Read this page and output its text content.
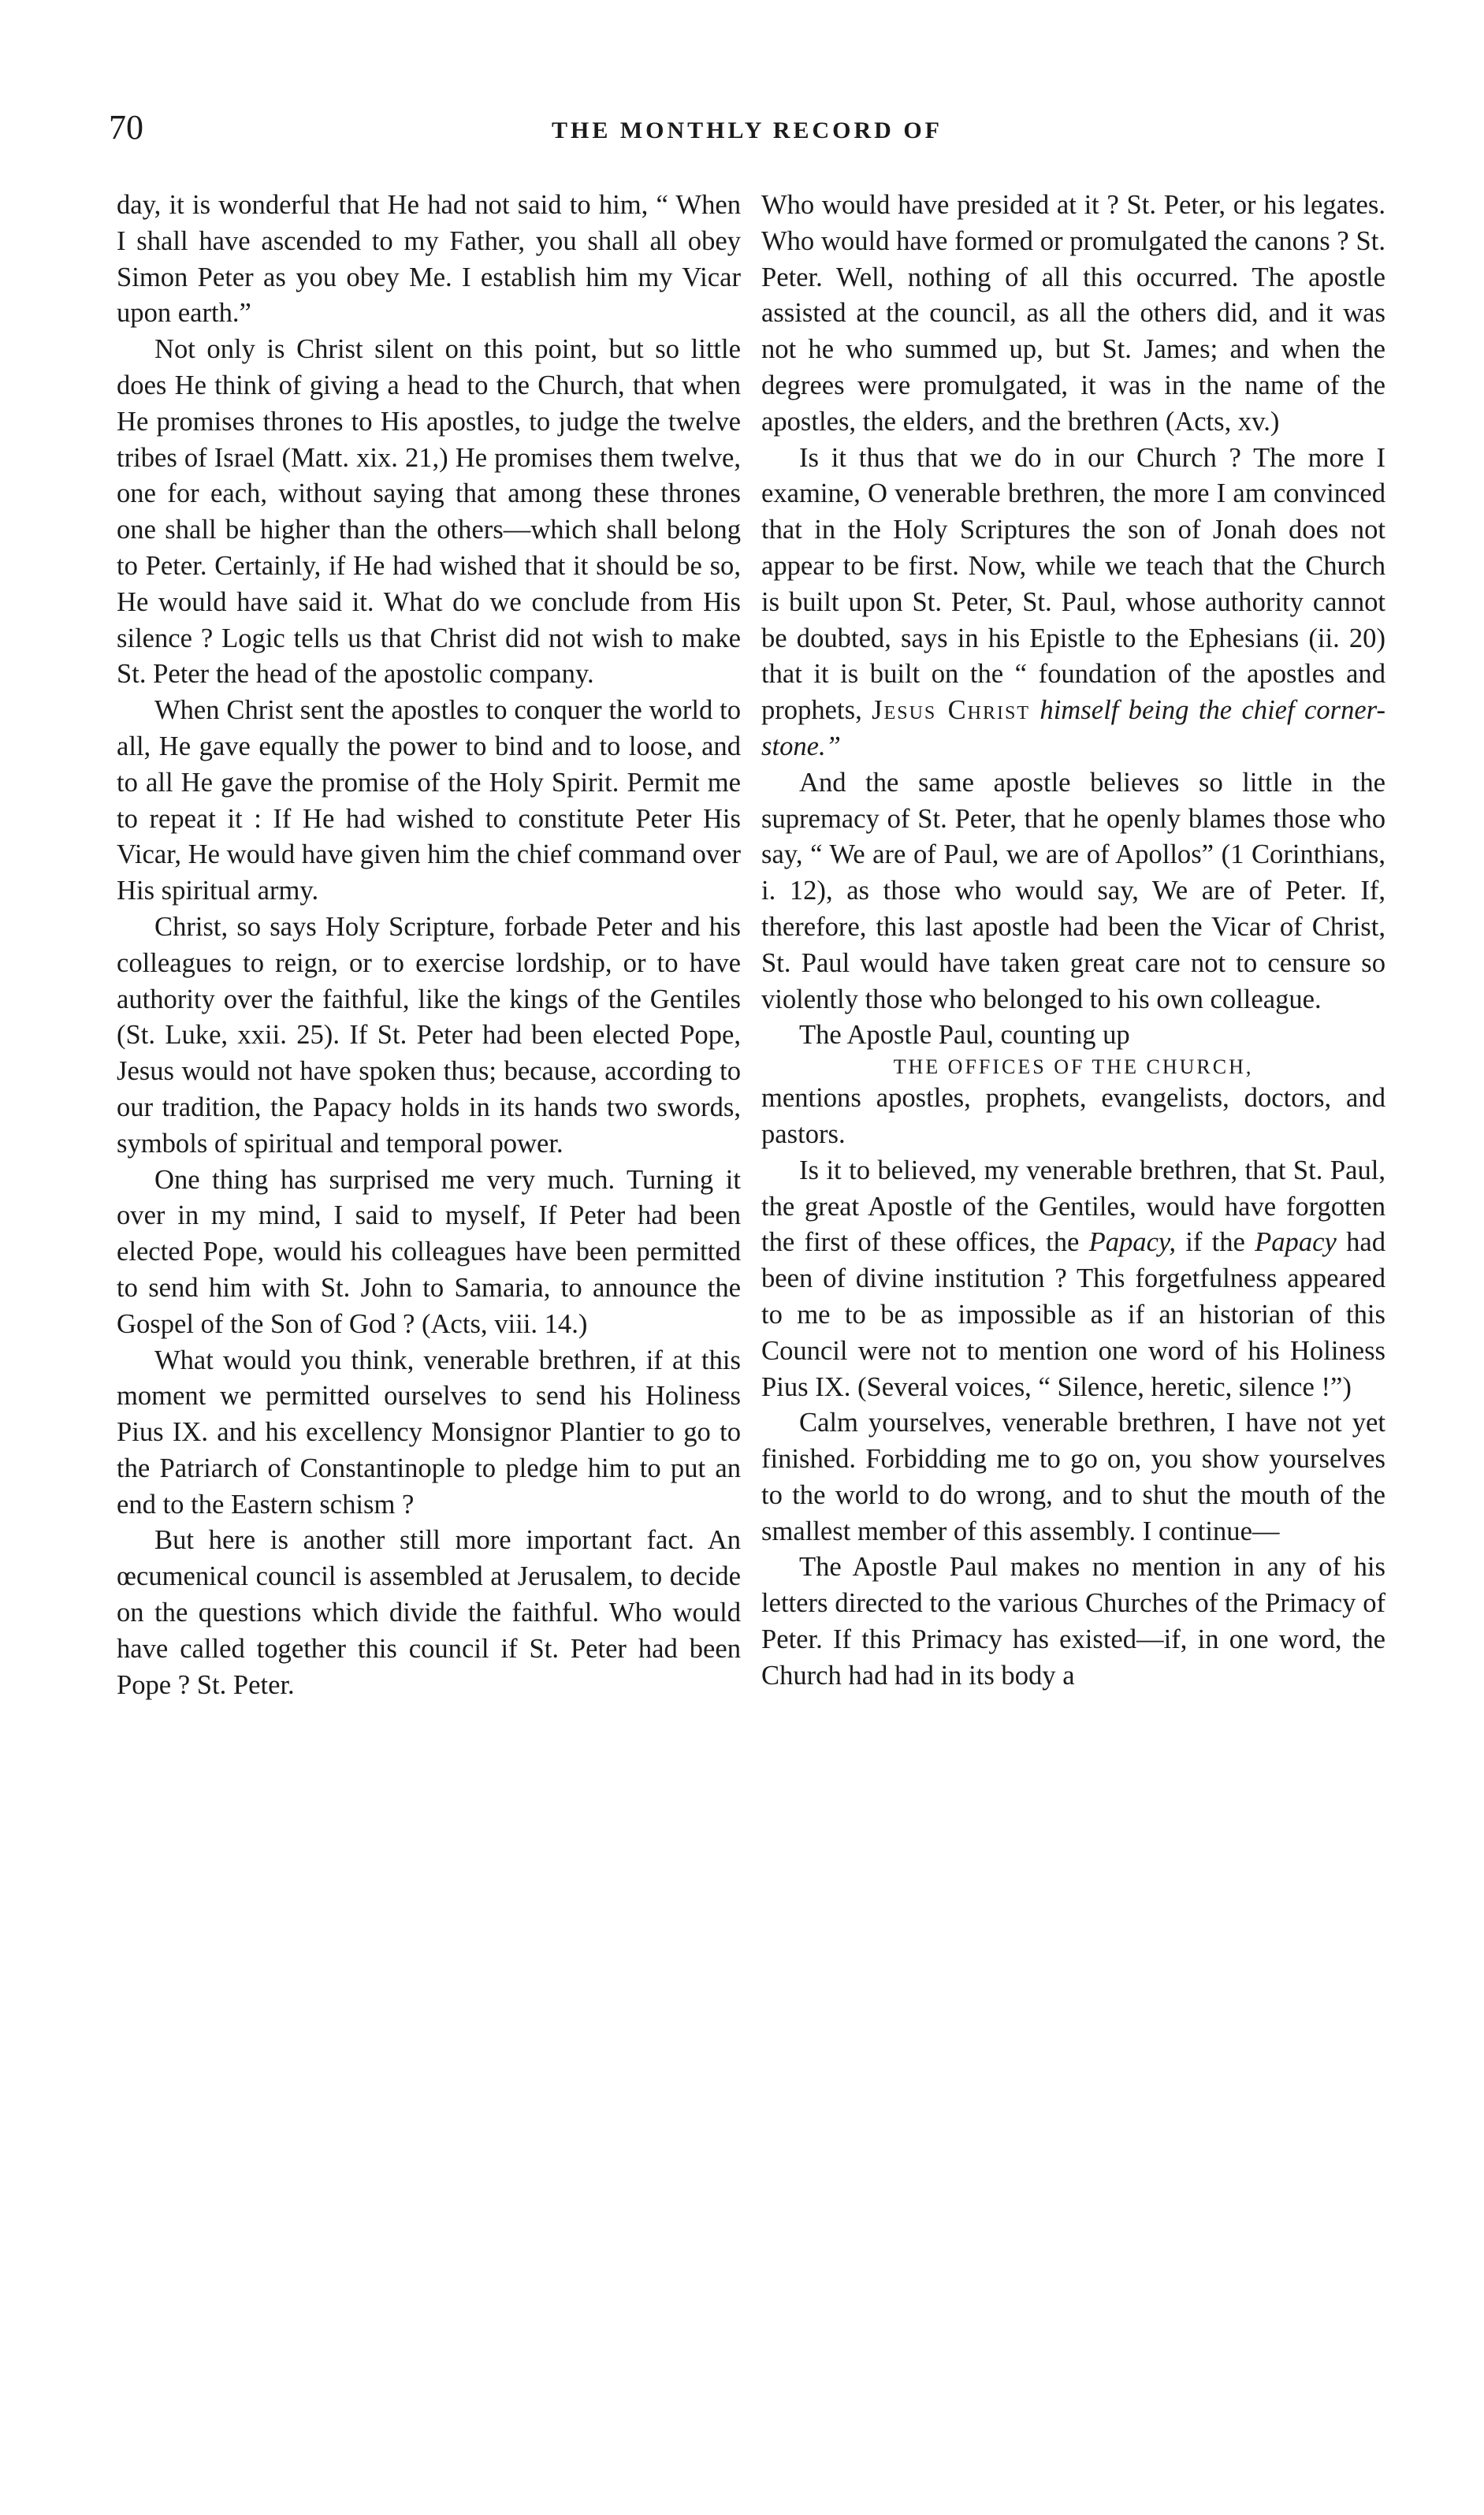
70	THE MONTHLY RECORD OF

day, it is wonderful that He had not said to him, “ When I shall have ascended to my Father, you shall all obey Simon Peter as you obey Me. I establish him my Vicar upon earth.”

Not only is Christ silent on this point, but so little does He think of giving a head to the Church, that when He promises thrones to His apostles, to judge the twelve tribes of Israel (Matt. xix. 21,) He promises them twelve, one for each, without saying that among these thrones one shall be higher than the others—which shall belong to Peter. Certainly, if He had wished that it should be so, He would have said it. What do we conclude from His silence ? Logic tells us that Christ did not wish to make St. Peter the head of the apostolic company.

When Christ sent the apostles to conquer the world to all, He gave equally the power to bind and to loose, and to all He gave the promise of the Holy Spirit. Permit me to repeat it : If He had wished to constitute Peter His Vicar, He would have given him the chief command over His spiritual army.

Christ, so says Holy Scripture, forbade Peter and his colleagues to reign, or to exercise lordship, or to have authority over the faithful, like the kings of the Gentiles (St. Luke, xxii. 25). If St. Peter had been elected Pope, Jesus would not have spoken thus; because, according to our tradition, the Papacy holds in its hands two swords, symbols of spiritual and temporal power.

One thing has surprised me very much. Turning it over in my mind, I said to myself, If Peter had been elected Pope, would his colleagues have been permitted to send him with St. John to Samaria, to announce the Gospel of the Son of God ? (Acts, viii. 14.)

What would you think, venerable brethren, if at this moment we permitted ourselves to send his Holiness Pius IX. and his excellency Monsignor Plantier to go to the Patriarch of Constantinople to pledge him to put an end to the Eastern schism ?

But here is another still more important fact. An œcumenical council is assembled at Jerusalem, to decide on the questions which divide the faithful. Who would have called together this council if St. Peter had been Pope ? St. Peter.

Who would have presided at it ? St. Peter, or his legates. Who would have formed or promulgated the canons ? St. Peter. Well, nothing of all this occurred. The apostle assisted at the council, as all the others did, and it was not he who summed up, but St. James; and when the degrees were promulgated, it was in the name of the apostles, the elders, and the brethren (Acts, xv.)

Is it thus that we do in our Church ? The more I examine, O venerable brethren, the more I am convinced that in the Holy Scriptures the son of Jonah does not appear to be first. Now, while we teach that the Church is built upon St. Peter, St. Paul, whose authority cannot be doubted, says in his Epistle to the Ephesians (ii. 20) that it is built on the “ foundation of the apostles and prophets, Jesus Christ himself being the chief corner-stone.”

And the same apostle believes so little in the supremacy of St. Peter, that he openly blames those who say, “ We are of Paul, we are of Apollos” (1 Corinthians, i. 12), as those who would say, We are of Peter. If, therefore, this last apostle had been the Vicar of Christ, St. Paul would have taken great care not to censure so violently those who belonged to his own colleague.

The Apostle Paul, counting up

THE OFFICES OF THE CHURCH,

mentions apostles, prophets, evangelists, doctors, and pastors.

Is it to believed, my venerable brethren, that St. Paul, the great Apostle of the Gentiles, would have forgotten the first of these offices, the Papacy, if the Papacy had been of divine institution ? This forgetfulness appeared to me to be as impossible as if an historian of this Council were not to mention one word of his Holiness Pius IX. (Several voices, “ Silence, heretic, silence !”)

Calm yourselves, venerable brethren, I have not yet finished. Forbidding me to go on, you show yourselves to the world to do wrong, and to shut the mouth of the smallest member of this assembly. I continue—

The Apostle Paul makes no mention in any of his letters directed to the various Churches of the Primacy of Peter. If this Primacy has existed—if, in one word, the Church had had in its body a
